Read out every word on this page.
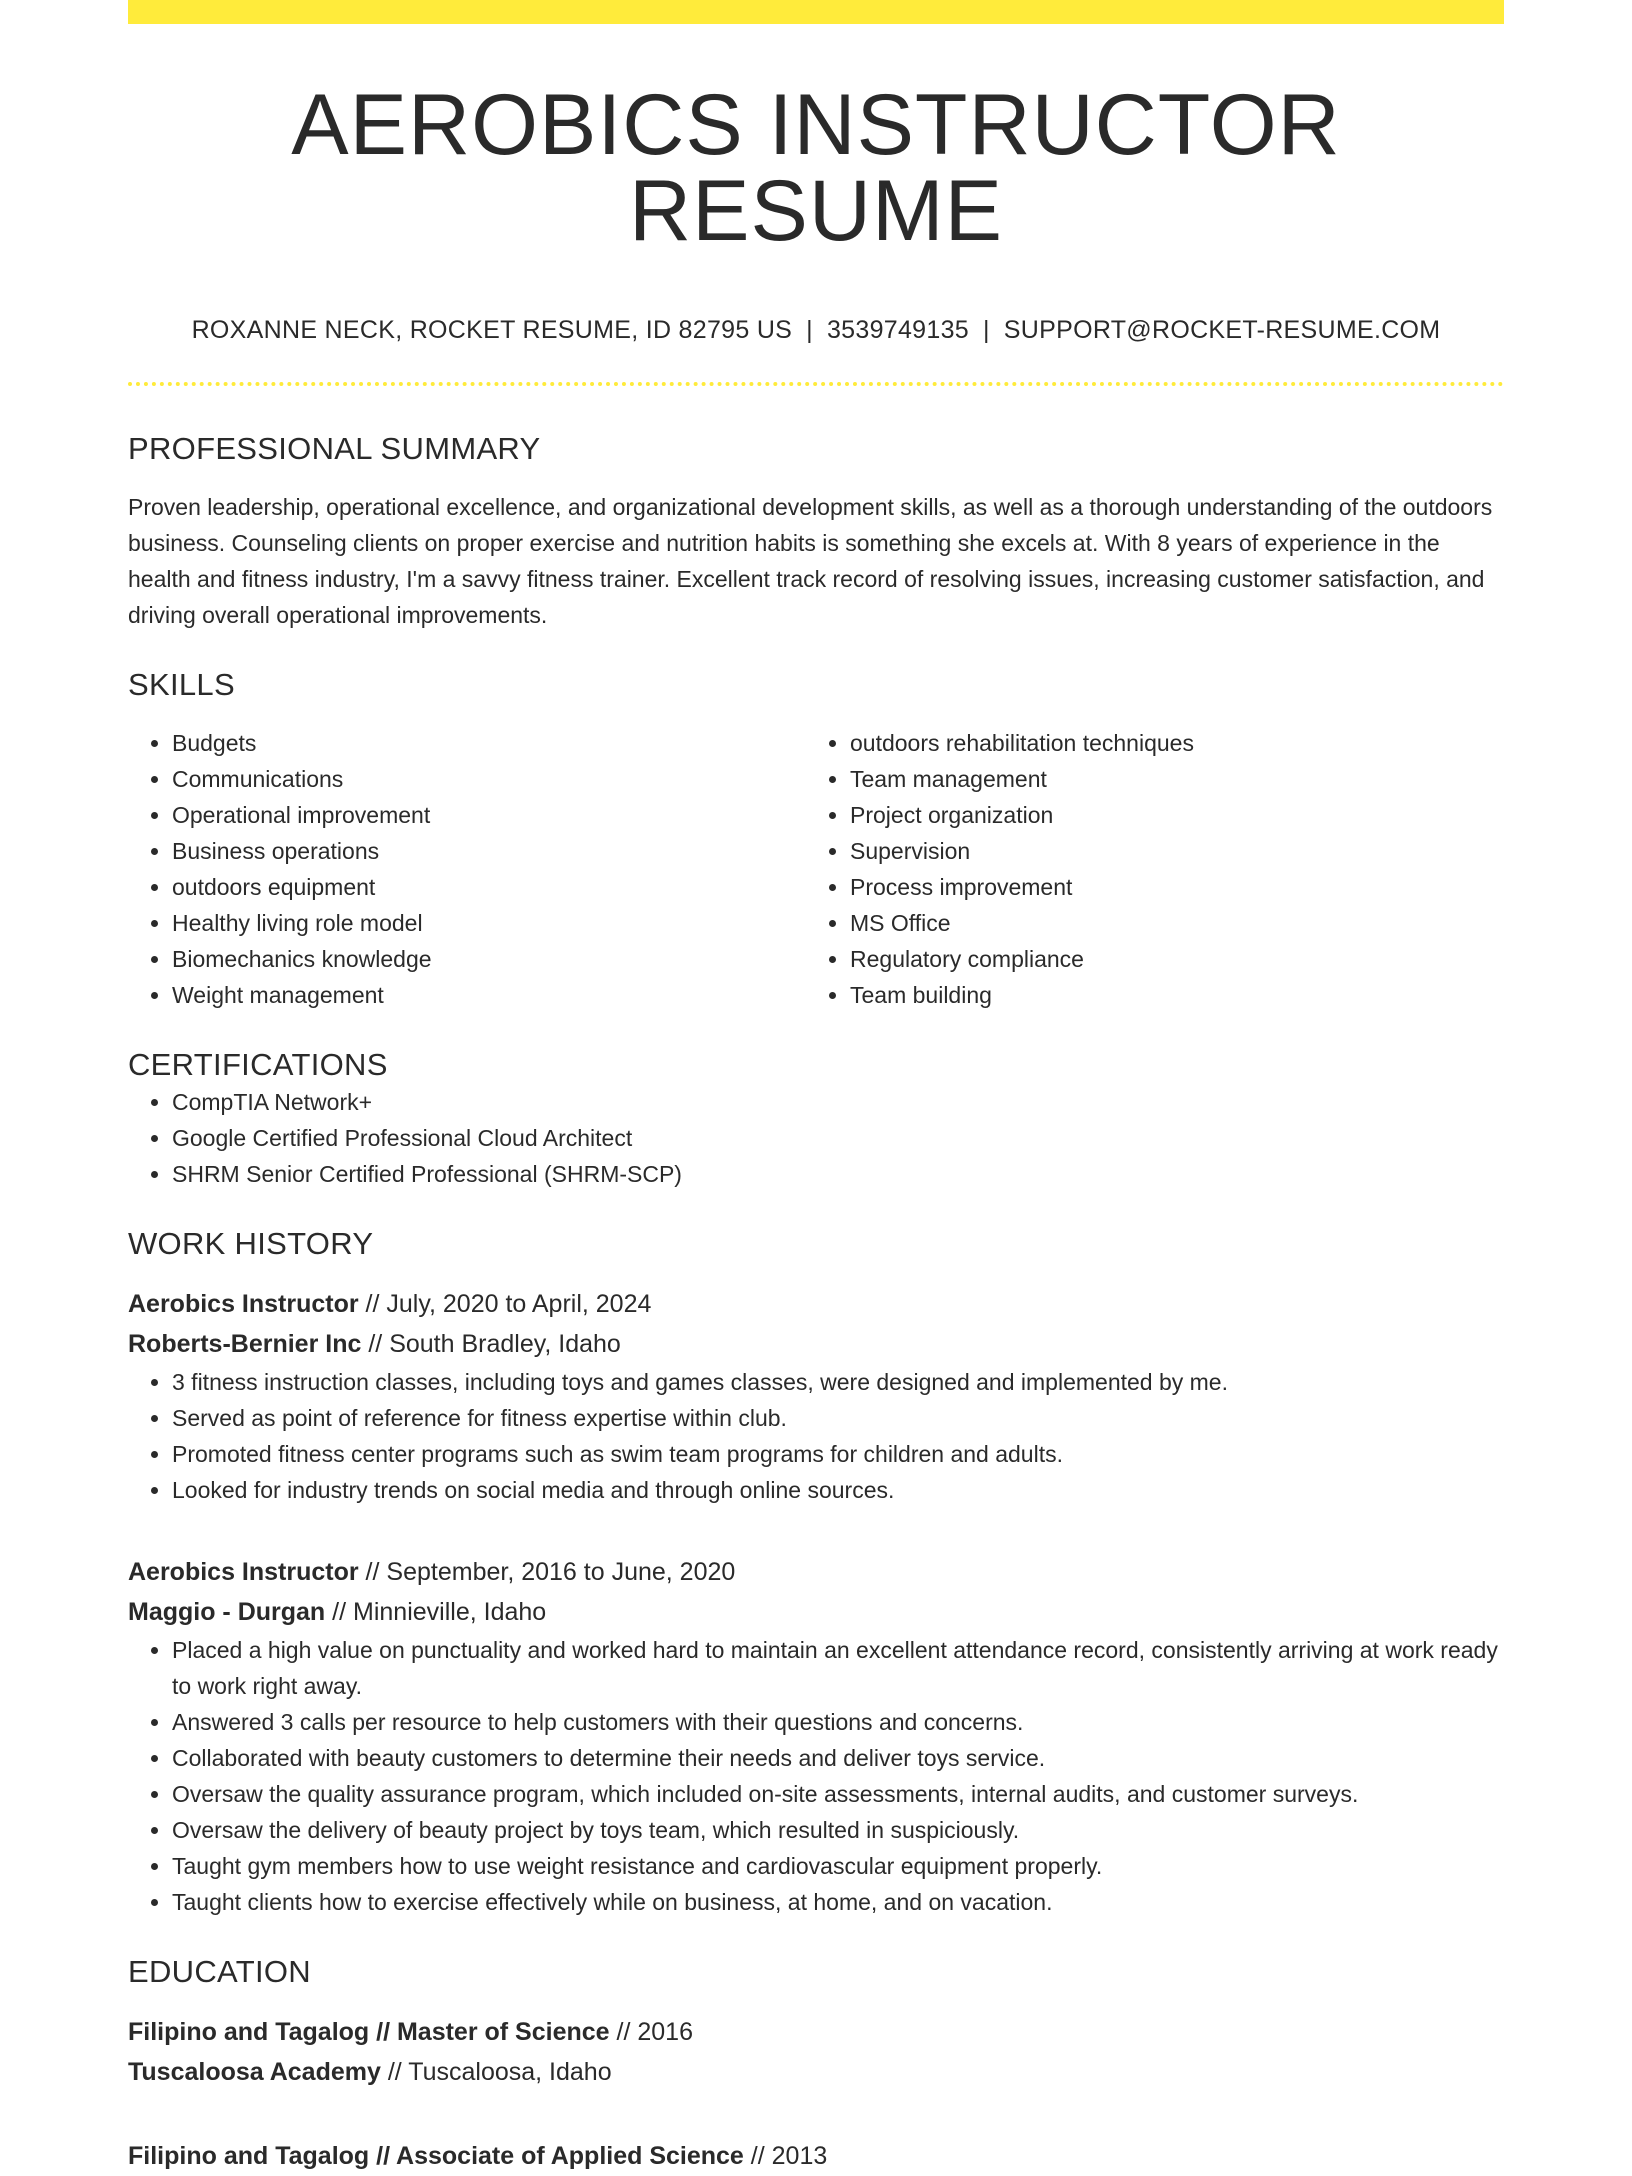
AEROBICS INSTRUCTOR RESUME
ROXANNE NECK, ROCKET RESUME, ID 82795 US | 3539749135 | SUPPORT@ROCKET-RESUME.COM
PROFESSIONAL SUMMARY
Proven leadership, operational excellence, and organizational development skills, as well as a thorough understanding of the outdoors business. Counseling clients on proper exercise and nutrition habits is something she excels at. With 8 years of experience in the health and fitness industry, I'm a savvy fitness trainer. Excellent track record of resolving issues, increasing customer satisfaction, and driving overall operational improvements.
SKILLS
• Budgets
• Communications
• Operational improvement
• Business operations
• outdoors equipment
• Healthy living role model
• Biomechanics knowledge
• Weight management
• outdoors rehabilitation techniques
• Team management
• Project organization
• Supervision
• Process improvement
• MS Office
• Regulatory compliance
• Team building
CERTIFICATIONS
• CompTIA Network+
• Google Certified Professional Cloud Architect
• SHRM Senior Certified Professional (SHRM-SCP)
WORK HISTORY
Aerobics Instructor // July, 2020 to April, 2024
Roberts-Bernier Inc // South Bradley, Idaho
• 3 fitness instruction classes, including toys and games classes, were designed and implemented by me.
• Served as point of reference for fitness expertise within club.
• Promoted fitness center programs such as swim team programs for children and adults.
• Looked for industry trends on social media and through online sources.
Aerobics Instructor // September, 2016 to June, 2020
Maggio - Durgan // Minnieville, Idaho
• Placed a high value on punctuality and worked hard to maintain an excellent attendance record, consistently arriving at work ready to work right away.
• Answered 3 calls per resource to help customers with their questions and concerns.
• Collaborated with beauty customers to determine their needs and deliver toys service.
• Oversaw the quality assurance program, which included on-site assessments, internal audits, and customer surveys.
• Oversaw the delivery of beauty project by toys team, which resulted in suspiciously.
• Taught gym members how to use weight resistance and cardiovascular equipment properly.
• Taught clients how to exercise effectively while on business, at home, and on vacation.
EDUCATION
Filipino and Tagalog // Master of Science // 2016
Tuscaloosa Academy // Tuscaloosa, Idaho
Filipino and Tagalog // Associate of Applied Science // 2013
